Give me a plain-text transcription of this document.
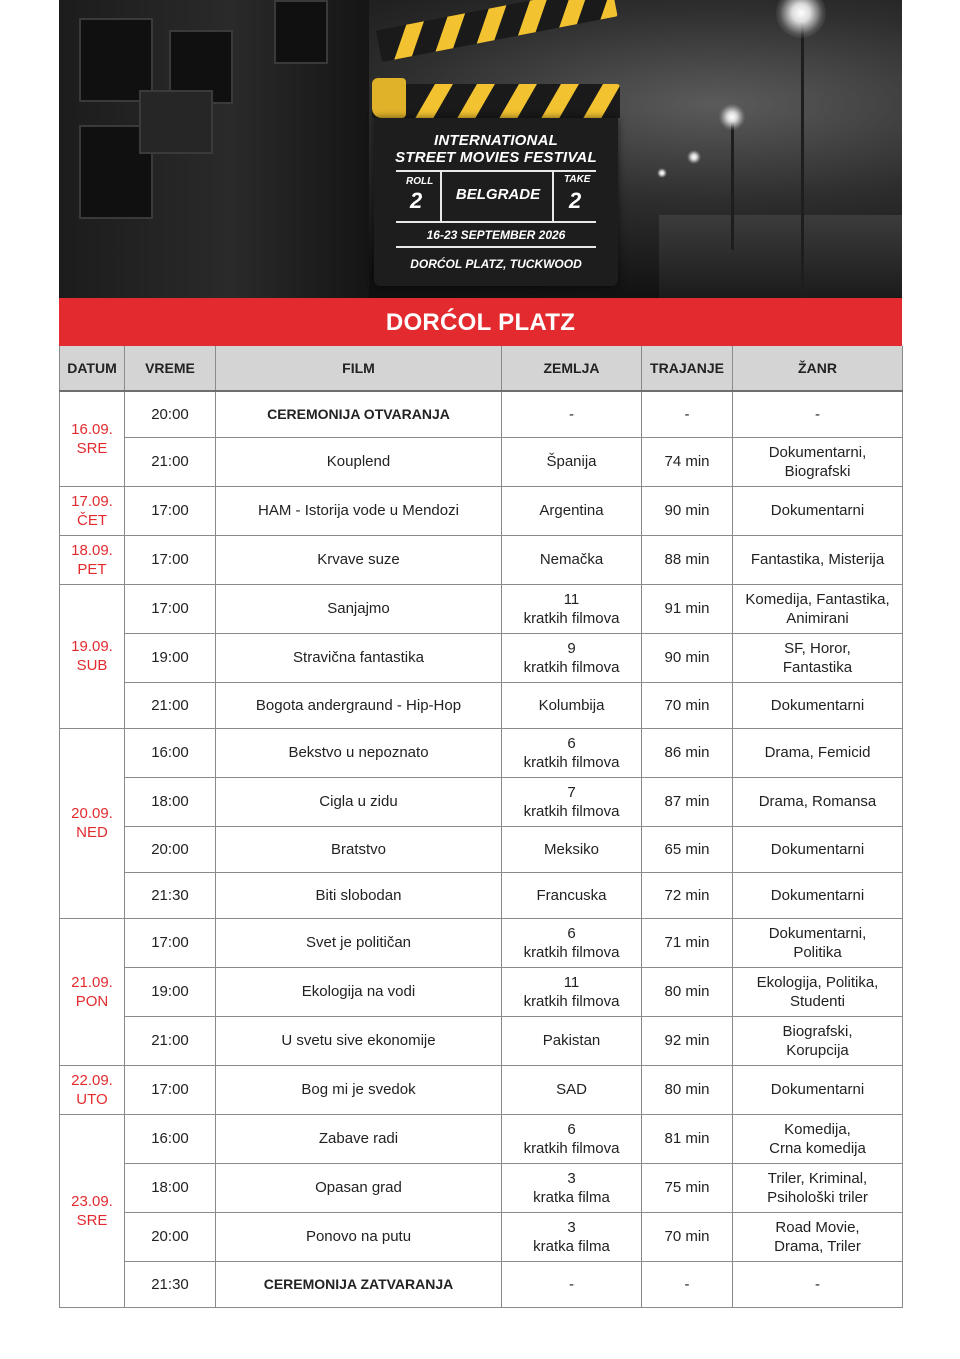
INTERNATIONAL
STREET MOVIES FESTIVAL
ROLL
2	BELGRADE
TAKE
2
16-23 SEPTEMBER 2026
DORĆOL PLATZ, TUCKWOOD
DORĆOL PLATZ
DATUM	VREME	FILM	ZEMLJA	TRAJANJE	ŽANR
16.09.
SRE	20:00	CEREMONIJA OTVARANJA	-	-	-
	21:00	Kouplend	Španija	74 min	Dokumentarni,
Biografski
17.09.
ČET	17:00	HAM - Istorija vode u Mendozi	Argentina	90 min	Dokumentarni
18.09.
PET	17:00	Krvave suze	Nemačka	88 min	Fantastika, Misterija
19.09.
SUB	17:00	Sanjajmo	11
kratkih filmova	91 min	Komedija, Fantastika,
Animirani
	19:00	Stravična fantastika	9
kratkih filmova	90 min	SF, Horor,
Fantastika
	21:00	Bogota andergraund - Hip-Hop	Kolumbija	70 min	Dokumentarni
20.09.
NED	16:00	Bekstvo u nepoznato	6
kratkih filmova	86 min	Drama, Femicid
	18:00	Cigla u zidu	7
kratkih filmova	87 min	Drama, Romansa
	20:00	Bratstvo	Meksiko	65 min	Dokumentarni
	21:30	Biti slobodan	Francuska	72 min	Dokumentarni
21.09.
PON	17:00	Svet je političan	6
kratkih filmova	71 min	Dokumentarni,
Politika
	19:00	Ekologija na vodi	11
kratkih filmova	80 min	Ekologija, Politika,
Studenti
	21:00	U svetu sive ekonomije	Pakistan	92 min	Biografski,
Korupcija
22.09.
UTO	17:00	Bog mi je svedok	SAD	80 min	Dokumentarni
23.09.
SRE	16:00	Zabave radi	6
kratkih filmova	81 min	Komedija,
Crna komedija
	18:00	Opasan grad	3
kratka filma	75 min	Triler, Kriminal,
Psihološki triler
	20:00	Ponovo na putu	3
kratka filma	70 min	Road Movie,
Drama, Triler
	21:30	CEREMONIJA ZATVARANJA	-	-	-
